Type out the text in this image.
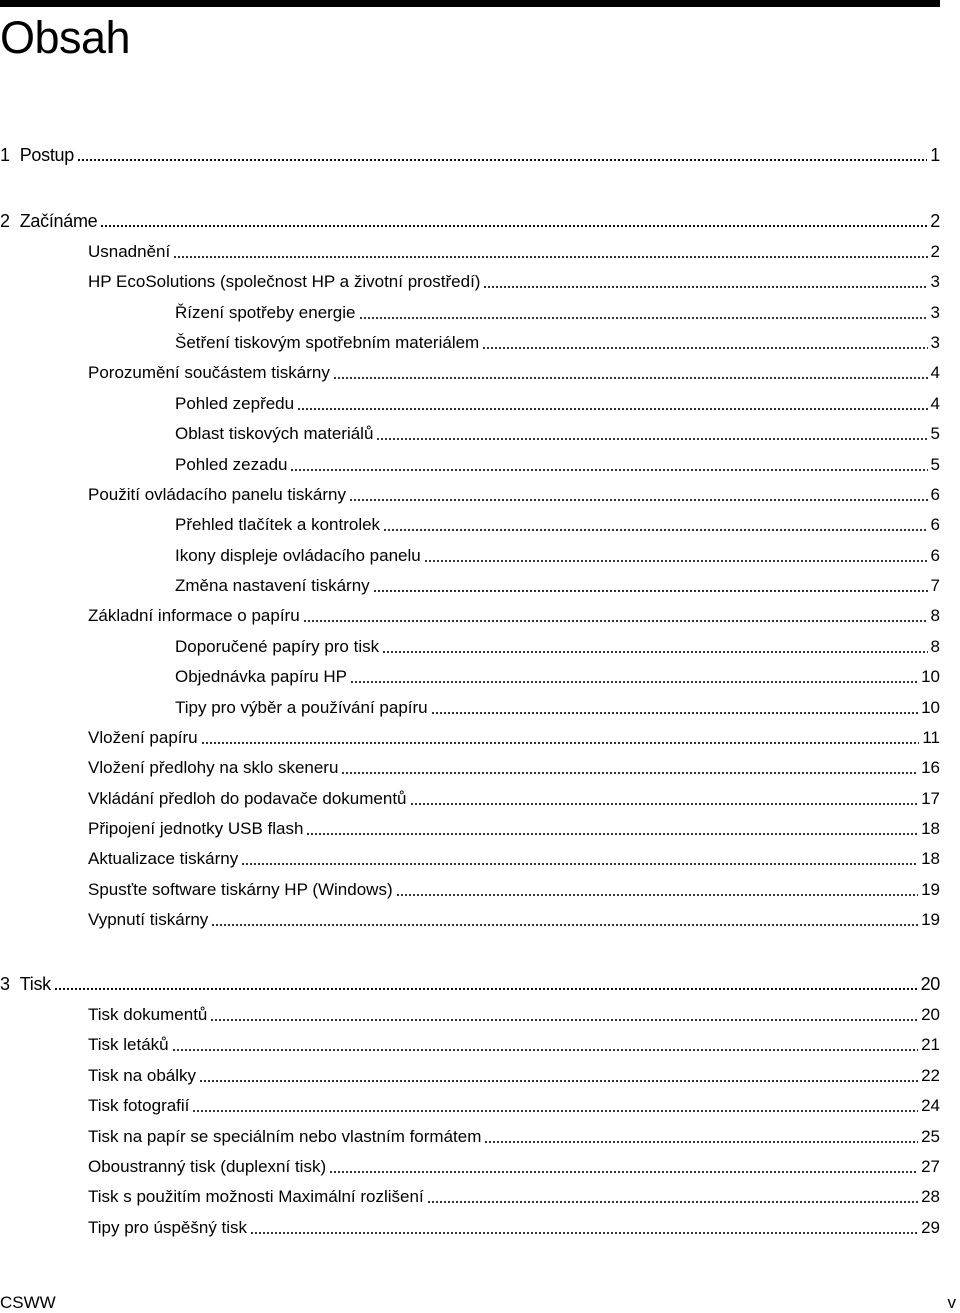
Obsah
1 Postup	1
2 Začínáme	2
Usnadnění	2
HP EcoSolutions (společnost HP a životní prostředí)	3
Řízení spotřeby energie	3
Šetření tiskovým spotřebním materiálem	3
Porozumění součástem tiskárny	4
Pohled zepředu	4
Oblast tiskových materiálů	5
Pohled zezadu	5
Použití ovládacího panelu tiskárny	6
Přehled tlačítek a kontrolek	6
Ikony displeje ovládacího panelu	6
Změna nastavení tiskárny	7
Základní informace o papíru	8
Doporučené papíry pro tisk	8
Objednávka papíru HP	10
Tipy pro výběr a používání papíru	10
Vložení papíru	11
Vložení předlohy na sklo skeneru	16
Vkládání předloh do podavače dokumentů	17
Připojení jednotky USB flash	18
Aktualizace tiskárny	18
Spusťte software tiskárny HP (Windows)	19
Vypnutí tiskárny	19
3 Tisk	20
Tisk dokumentů	20
Tisk letáků	21
Tisk na obálky	22
Tisk fotografií	24
Tisk na papír se speciálním nebo vlastním formátem	25
Oboustranný tisk (duplexní tisk)	27
Tisk s použitím možnosti Maximální rozlišení	28
Tipy pro úspěšný tisk	29
CSWW	v
